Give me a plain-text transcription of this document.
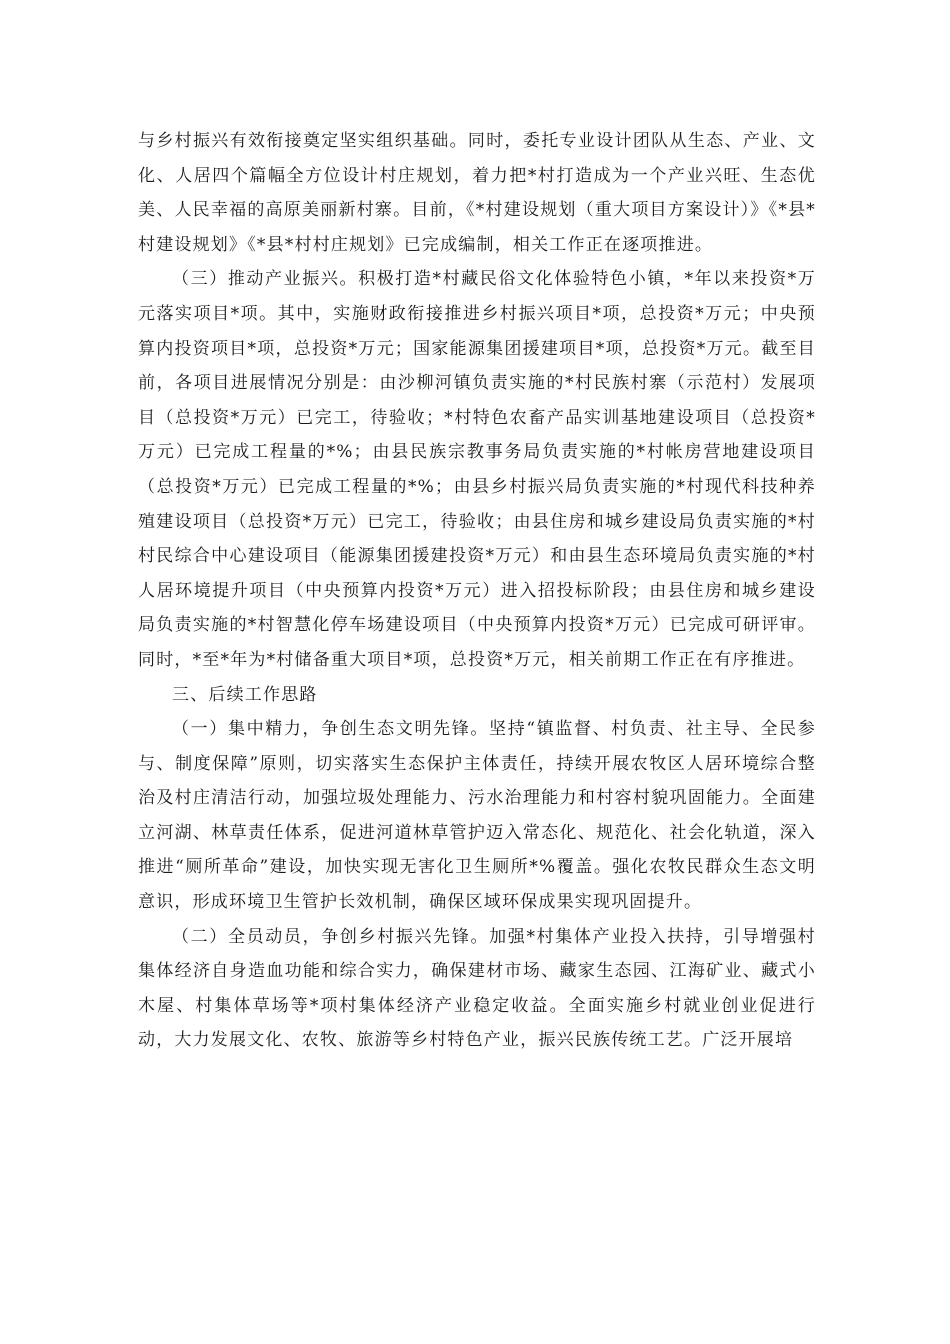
与乡村振兴有效衔接奠定坚实组织基础。同时，委托专业设计团队从生态、产业、文化、人居四个篇幅全方位设计村庄规划，着力把*村打造成为一个产业兴旺、生态优美、人民幸福的高原美丽新村寨。目前，《*村建设规划（重大项目方案设计）》《*县*村建设规划》《*县*村村庄规划》已完成编制，相关工作正在逐项推进。

（三）推动产业振兴。积极打造*村藏民俗文化体验特色小镇，*年以来投资*万元落实项目*项。其中，实施财政衔接推进乡村振兴项目*项，总投资*万元；中央预算内投资项目*项，总投资*万元；国家能源集团援建项目*项，总投资*万元。截至目前，各项目进展情况分别是：由沙柳河镇负责实施的*村民族村寨（示范村）发展项目（总投资*万元）已完工，待验收；*村特色农畜产品实训基地建设项目（总投资*万元）已完成工程量的*%；由县民族宗教事务局负责实施的*村帐房营地建设项目（总投资*万元）已完成工程量的*%；由县乡村振兴局负责实施的*村现代科技种养殖建设项目（总投资*万元）已完工，待验收；由县住房和城乡建设局负责实施的*村村民综合中心建设项目（能源集团援建投资*万元）和由县生态环境局负责实施的*村人居环境提升项目（中央预算内投资*万元）进入招投标阶段；由县住房和城乡建设局负责实施的*村智慧化停车场建设项目（中央预算内投资*万元）已完成可研评审。同时，*至*年为*村储备重大项目*项，总投资*万元，相关前期工作正在有序推进。

三、后续工作思路

（一）集中精力，争创生态文明先锋。坚持“镇监督、村负责、社主导、全民参与、制度保障”原则，切实落实生态保护主体责任，持续开展农牧区人居环境综合整治及村庄清洁行动，加强垃圾处理能力、污水治理能力和村容村貌巩固能力。全面建立河湖、林草责任体系，促进河道林草管护迈入常态化、规范化、社会化轨道，深入推进“厕所革命”建设，加快实现无害化卫生厕所*%覆盖。强化农牧民群众生态文明意识，形成环境卫生管护长效机制，确保区域环保成果实现巩固提升。

（二）全员动员，争创乡村振兴先锋。加强*村集体产业投入扶持，引导增强村集体经济自身造血功能和综合实力，确保建材市场、藏家生态园、江海矿业、藏式小木屋、村集体草场等*项村集体经济产业稳定收益。全面实施乡村就业创业促进行动，大力发展文化、农牧、旅游等乡村特色产业，振兴民族传统工艺。广泛开展培
